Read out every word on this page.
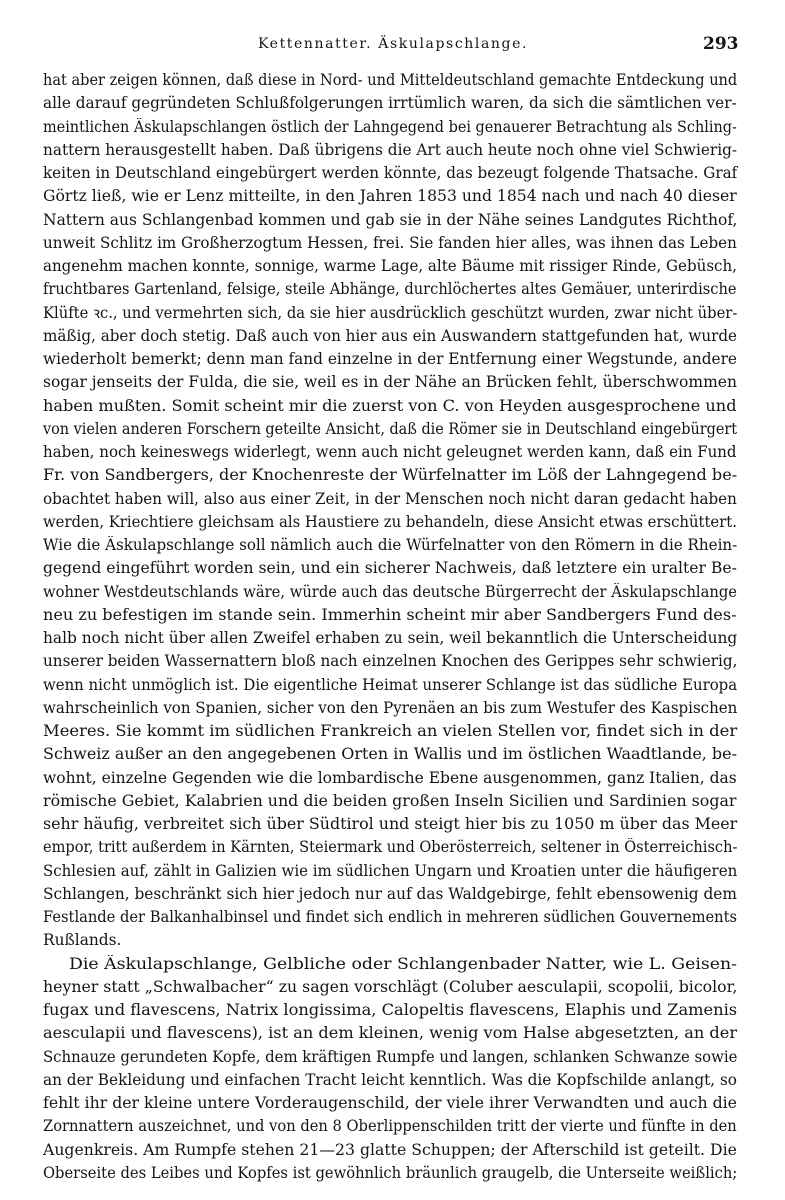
Kettennatter. Äskulapschlange.	293
hat aber zeigen können, daß diese in Nord- und Mitteldeutschland gemachte Entdeckung und
alle darauf gegründeten Schlußfolgerungen irrtümlich waren, da sich die sämtlichen ver-
meintlichen Äskulapschlangen östlich der Lahngegend bei genauerer Betrachtung als Schling-
nattern herausgestellt haben. Daß übrigens die Art auch heute noch ohne viel Schwierig-
keiten in Deutschland eingebürgert werden könnte, das bezeugt folgende Thatsache. Graf
Görtz ließ, wie er Lenz mitteilte, in den Jahren 1853 und 1854 nach und nach 40 dieser
Nattern aus Schlangenbad kommen und gab sie in der Nähe seines Landgutes Richthof,
unweit Schlitz im Großherzogtum Hessen, frei. Sie fanden hier alles, was ihnen das Leben
angenehm machen konnte, sonnige, warme Lage, alte Bäume mit rissiger Rinde, Gebüsch,
fruchtbares Gartenland, felsige, steile Abhänge, durchlöchertes altes Gemäuer, unterirdische
Klüfte ꝛc., und vermehrten sich, da sie hier ausdrücklich geschützt wurden, zwar nicht über-
mäßig, aber doch stetig. Daß auch von hier aus ein Auswandern stattgefunden hat, wurde
wiederholt bemerkt; denn man fand einzelne in der Entfernung einer Wegstunde, andere
sogar jenseits der Fulda, die sie, weil es in der Nähe an Brücken fehlt, überschwommen
haben mußten. Somit scheint mir die zuerst von C. von Heyden ausgesprochene und
von vielen anderen Forschern geteilte Ansicht, daß die Römer sie in Deutschland eingebürgert
haben, noch keineswegs widerlegt, wenn auch nicht geleugnet werden kann, daß ein Fund
Fr. von Sandbergers, der Knochenreste der Würfelnatter im Löß der Lahngegend be-
obachtet haben will, also aus einer Zeit, in der Menschen noch nicht daran gedacht haben
werden, Kriechtiere gleichsam als Haustiere zu behandeln, diese Ansicht etwas erschüttert.
Wie die Äskulapschlange soll nämlich auch die Würfelnatter von den Römern in die Rhein-
gegend eingeführt worden sein, und ein sicherer Nachweis, daß letztere ein uralter Be-
wohner Westdeutschlands wäre, würde auch das deutsche Bürgerrecht der Äskulapschlange
neu zu befestigen im stande sein. Immerhin scheint mir aber Sandbergers Fund des-
halb noch nicht über allen Zweifel erhaben zu sein, weil bekanntlich die Unterscheidung
unserer beiden Wassernattern bloß nach einzelnen Knochen des Gerippes sehr schwierig,
wenn nicht unmöglich ist. Die eigentliche Heimat unserer Schlange ist das südliche Europa
wahrscheinlich von Spanien, sicher von den Pyrenäen an bis zum Westufer des Kaspischen
Meeres. Sie kommt im südlichen Frankreich an vielen Stellen vor, findet sich in der
Schweiz außer an den angegebenen Orten in Wallis und im östlichen Waadtlande, be-
wohnt, einzelne Gegenden wie die lombardische Ebene ausgenommen, ganz Italien, das
römische Gebiet, Kalabrien und die beiden großen Inseln Sicilien und Sardinien sogar
sehr häufig, verbreitet sich über Südtirol und steigt hier bis zu 1050 m über das Meer
empor, tritt außerdem in Kärnten, Steiermark und Oberösterreich, seltener in Österreichisch-
Schlesien auf, zählt in Galizien wie im südlichen Ungarn und Kroatien unter die häufigeren
Schlangen, beschränkt sich hier jedoch nur auf das Waldgebirge, fehlt ebensowenig dem
Festlande der Balkanhalbinsel und findet sich endlich in mehreren südlichen Gouvernements
Rußlands.
Die Äskulapschlange, Gelbliche oder Schlangenbader Natter, wie L. Geisen-
heyner statt „Schwalbacher“ zu sagen vorschlägt (Coluber aesculapii, scopolii, bicolor,
fugax und flavescens, Natrix longissima, Calopeltis flavescens, Elaphis und Zamenis
aesculapii und flavescens), ist an dem kleinen, wenig vom Halse abgesetzten, an der
Schnauze gerundeten Kopfe, dem kräftigen Rumpfe und langen, schlanken Schwanze sowie
an der Bekleidung und einfachen Tracht leicht kenntlich. Was die Kopfschilde anlangt, so
fehlt ihr der kleine untere Vorderaugenschild, der viele ihrer Verwandten und auch die
Zornnattern auszeichnet, und von den 8 Oberlippenschilden tritt der vierte und fünfte in den
Augenkreis. Am Rumpfe stehen 21—23 glatte Schuppen; der Afterschild ist geteilt. Die
Oberseite des Leibes und Kopfes ist gewöhnlich bräunlich graugelb, die Unterseite weißlich;
